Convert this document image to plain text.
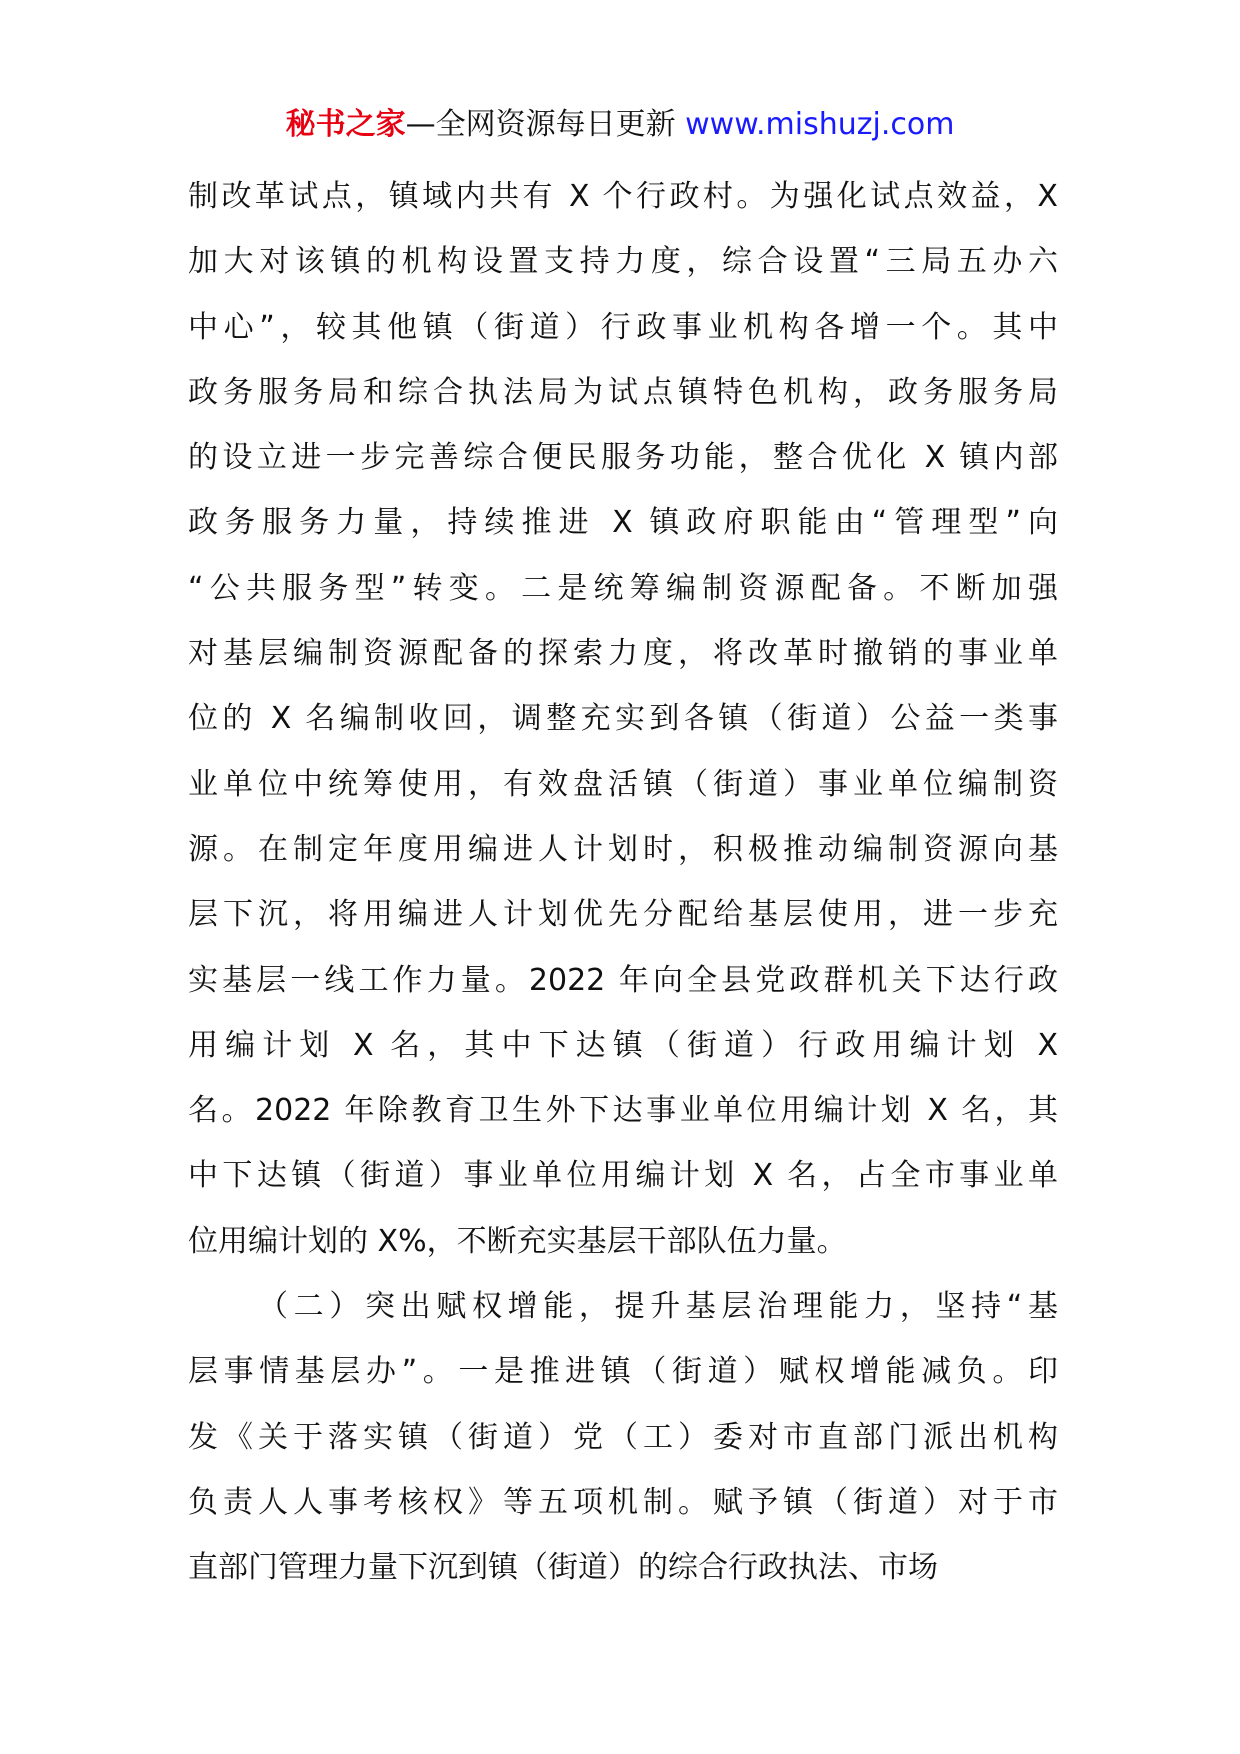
秘书之家—全网资源每日更新 www.mishuzj.com
制改革试点，镇域内共有 X 个行政村。为强化试点效益，X
加大对该镇的机构设置支持力度，综合设置“三局五办六
中心”，较其他镇（街道）行政事业机构各增一个。其中
政务服务局和综合执法局为试点镇特色机构，政务服务局
的设立进一步完善综合便民服务功能，整合优化 X 镇内部
政务服务力量，持续推进 X 镇政府职能由“管理型”向
“公共服务型”转变。二是统筹编制资源配备。不断加强
对基层编制资源配备的探索力度，将改革时撤销的事业单
位的 X 名编制收回，调整充实到各镇（街道）公益一类事
业单位中统筹使用，有效盘活镇（街道）事业单位编制资
源。在制定年度用编进人计划时，积极推动编制资源向基
层下沉，将用编进人计划优先分配给基层使用，进一步充
实基层一线工作力量。2022 年向全县党政群机关下达行政
用编计划 X 名，其中下达镇（街道）行政用编计划 X
名。2022 年除教育卫生外下达事业单位用编计划 X 名，其
中下达镇（街道）事业单位用编计划 X 名，占全市事业单
位用编计划的 X%，不断充实基层干部队伍力量。
（二）突出赋权增能，提升基层治理能力，坚持“基
层事情基层办”。一是推进镇（街道）赋权增能减负。印
发《关于落实镇（街道）党（工）委对市直部门派出机构
负责人人事考核权》等五项机制。赋予镇（街道）对于市
直部门管理力量下沉到镇（街道）的综合行政执法、市场
